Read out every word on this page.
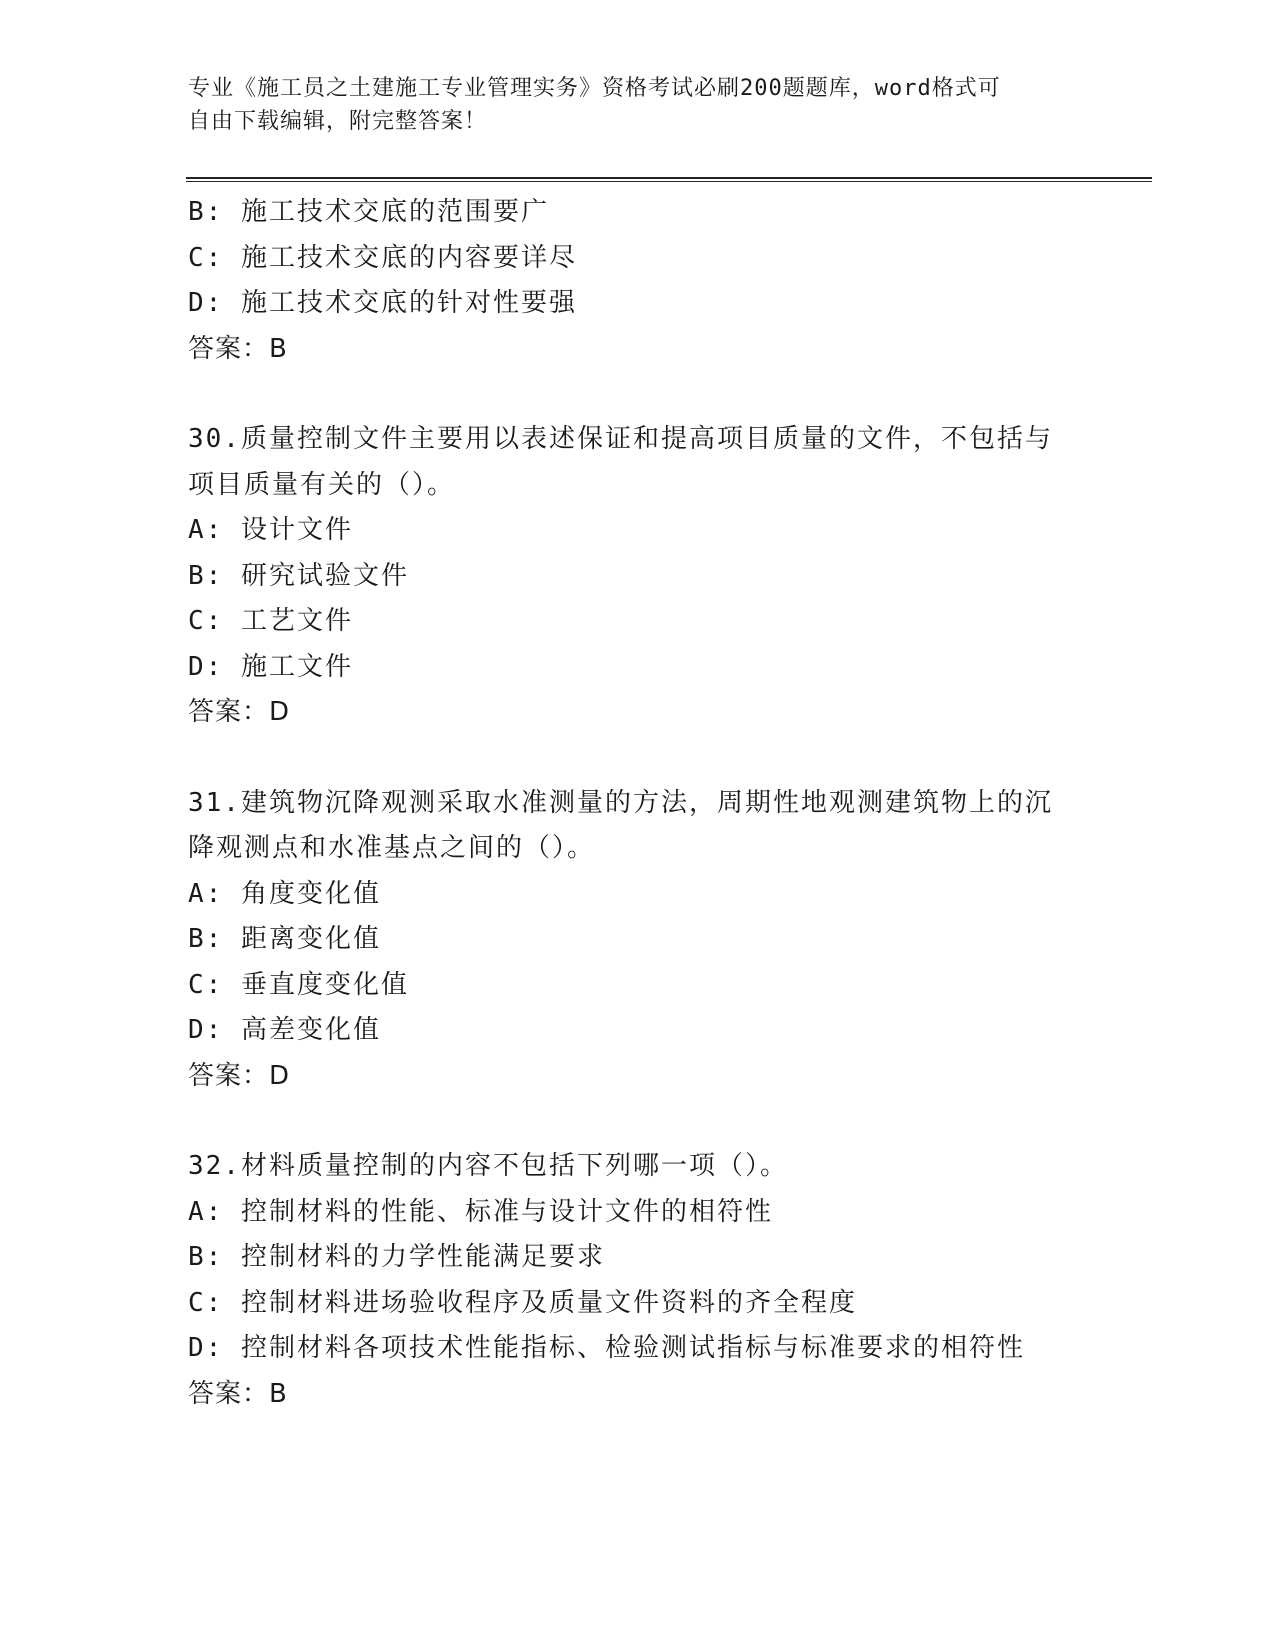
专业《施工员之土建施工专业管理实务》资格考试必刷200题题库，word格式可
自由下载编辑，附完整答案！
B: 施工技术交底的范围要广
C: 施工技术交底的内容要详尽
D: 施工技术交底的针对性要强
答案：B
30.质量控制文件主要用以表述保证和提高项目质量的文件，不包括与
项目质量有关的（）。
A: 设计文件
B: 研究试验文件
C: 工艺文件
D: 施工文件
答案：D
31.建筑物沉降观测采取水准测量的方法，周期性地观测建筑物上的沉
降观测点和水准基点之间的（）。
A: 角度变化值
B: 距离变化值
C: 垂直度变化值
D: 高差变化值
答案：D
32.材料质量控制的内容不包括下列哪一项（）。
A: 控制材料的性能、标准与设计文件的相符性
B: 控制材料的力学性能满足要求
C: 控制材料进场验收程序及质量文件资料的齐全程度
D: 控制材料各项技术性能指标、检验测试指标与标准要求的相符性
答案：B
